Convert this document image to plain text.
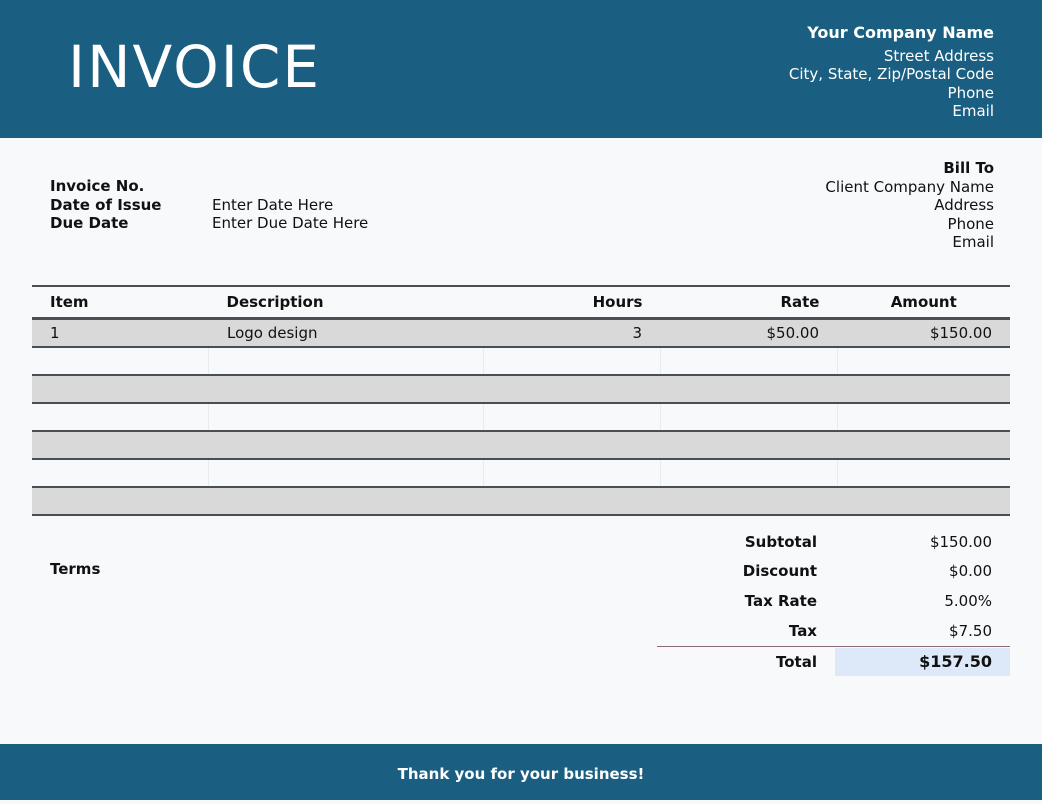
INVOICE
Your Company Name
Street Address
City, State, Zip/Postal Code
Phone
Email
Invoice No.
Date of Issue	Enter Date Here
Due Date	Enter Due Date Here
Bill To
Client Company Name
Address
Phone
Email
Item	Description	Hours	Rate	Amount
1	Logo design	3	$50.00	$150.00

Terms
Subtotal	$150.00
Discount	$0.00
Tax Rate	5.00%
Tax	$7.50
Total	$157.50
Thank you for your business!
